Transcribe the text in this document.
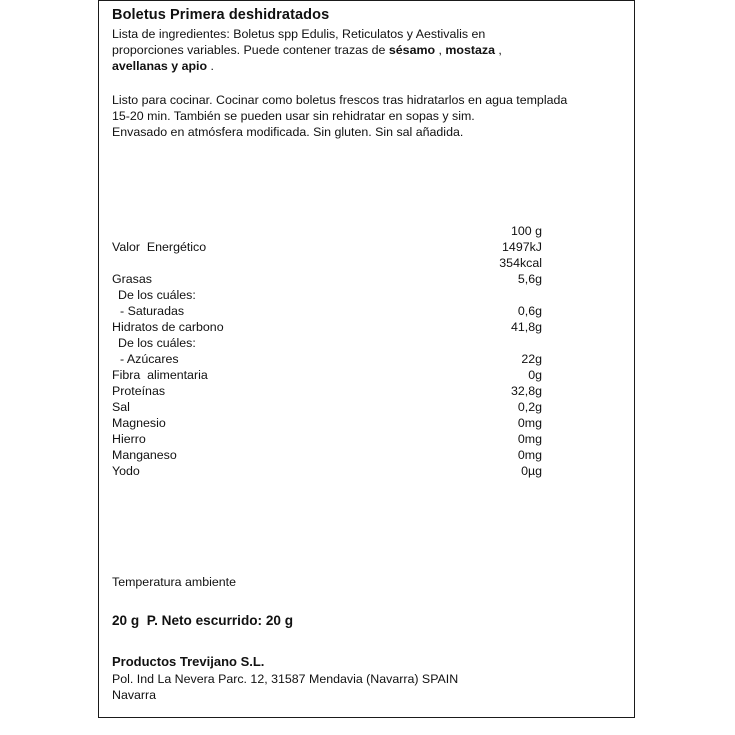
Boletus Primera deshidratados

Lista de ingredientes: Boletus spp Edulis, Reticulatos y Aestivalis en
proporciones variables. Puede contener trazas de sésamo , mostaza ,
avellanas y apio .

Listo para cocinar. Cocinar como boletus frescos tras hidratarlos en agua templada

15-20 min. También se pueden usar sin rehidratar en sopas y sim.

Envasado en atmósfera modificada. Sin gluten. Sin sal añadida.

100 g
Valor  Energético	1497kJ
354kcal
Grasas	5,6g
De los cuáles:
- Saturadas	0,6g
Hidratos de carbono	41,8g
De los cuáles:
- Azúcares	22g
Fibra  alimentaria	0g
Proteínas	32,8g
Sal	0,2g
Magnesio	0mg
Hierro	0mg
Manganeso	0mg
Yodo	0µg

Temperatura ambiente

20 g  P. Neto escurrido: 20 g

Productos Trevijano S.L.

Pol. Ind La Nevera Parc. 12, 31587 Mendavia (Navarra) SPAIN

Navarra
